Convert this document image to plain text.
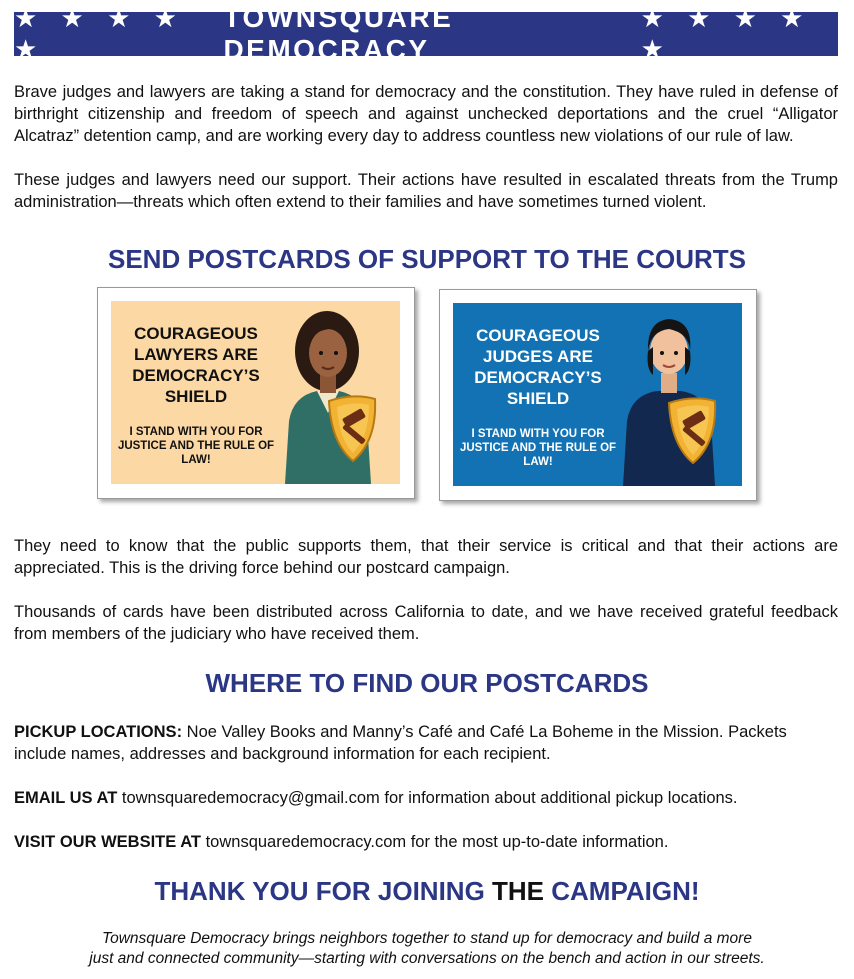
★ ★ ★ ★ ★
TOWNSQUARE DEMOCRACY
★ ★ ★ ★ ★

Brave judges and lawyers are taking a stand for democracy and the constitution. They have ruled in defense of birthright citizenship and freedom of speech and against unchecked deportations and the cruel “Alligator Alcatraz” detention camp, and are working every day to address countless new violations of our rule of law.

These judges and lawyers need our support. Their actions have resulted in escalated threats from the Trump administration—threats which often extend to their families and have sometimes turned violent.

SEND POSTCARDS OF SUPPORT TO THE COURTS
COURAGEOUS LAWYERS ARE DEMOCRACY’S SHIELD
I STAND WITH YOU FOR JUSTICE AND THE RULE OF LAW!
COURAGEOUS JUDGES ARE DEMOCRACY’S SHIELD
I STAND WITH YOU FOR JUSTICE AND THE RULE OF LAW!

They need to know that the public supports them, that their service is critical and that their actions are appreciated. This is the driving force behind our postcard campaign.

Thousands of cards have been distributed across California to date, and we have received grateful feedback from members of the judiciary who have received them.

WHERE TO FIND OUR POSTCARDS

PICKUP LOCATIONS: Noe Valley Books and Manny’s Café and Café La Boheme in the Mission. Packets include names, addresses and background information for each recipient.

EMAIL US AT townsquaredemocracy@gmail.com for information about additional pickup locations.

VISIT OUR WEBSITE AT townsquaredemocracy.com for the most up-to-date information.

THANK YOU FOR JOINING THE CAMPAIGN!

Townsquare Democracy brings neighbors together to stand up for democracy and build a more

just and connected community—starting with conversations on the bench and action in our streets.
